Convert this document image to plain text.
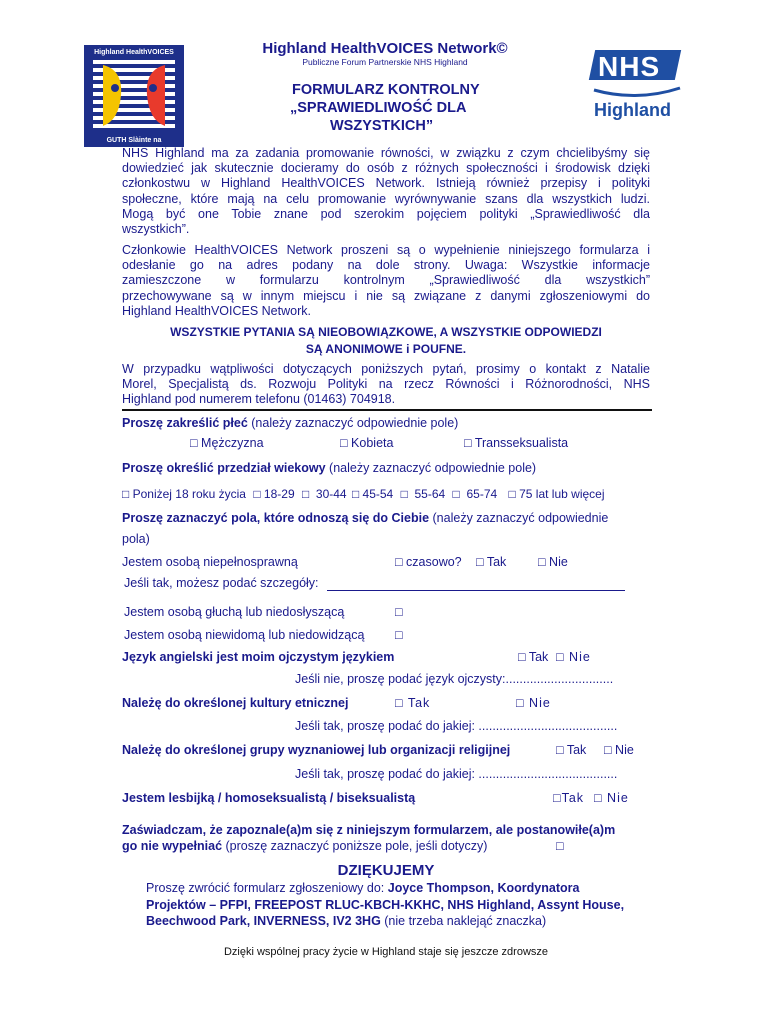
Highland HealthVOICES
GUTH Slàinte na
NHS
Highland
Highland HealthVOICES Network©
Publiczne Forum Partnerskie NHS Highland
FORMULARZ KONTROLNY
„SPRAWIEDLIWOŚĆ DLA
WSZYSTKICH”
NHS Highland ma za zadania promowanie równości, w związku z czym chcielibyśmy się
dowiedzieć jak skutecznie docieramy do osób z różnych społeczności i środowisk dzięki
członkostwu w Highland HealthVOICES Network. Istnieją również przepisy i polityki
społeczne, które mają na celu promowanie wyrównywanie szans dla wszystkich ludzi.
Mogą być one Tobie znane pod szerokim pojęciem polityki „Sprawiedliwość dla
wszystkich”.
Członkowie HealthVOICES Network proszeni są o wypełnienie niniejszego formularza i
odesłanie go na adres podany na dole strony. Uwaga: Wszystkie informacje
zamieszczone w formularzu kontrolnym „Sprawiedliwość dla wszystkich”
przechowywane są w innym miejscu i nie są związane z danymi zgłoszeniowymi do
Highland HealthVOICES Network.
WSZYSTKIE PYTANIA SĄ NIEOBOWIĄZKOWE, A WSZYSTKIE ODPOWIEDZI
SĄ ANONIMOWE i POUFNE.
W przypadku wątpliwości dotyczących poniższych pytań, prosimy o kontakt z Natalie
Morel, Specjalistą ds. Rozwoju Polityki na rzecz Równości i Różnorodności, NHS
Highland pod numerem telefonu (01463) 704918.
Proszę zakreślić płeć (należy zaznaczyć odpowiednie pole)
□ Mężczyzna □	Kobieta □	Transseksualista
Proszę określić przedział wiekowy (należy zaznaczyć odpowiednie pole)
□ Poniżej 18 roku życia □ 18-29 □ 30-44 □ 45-54 □ 55-64 □ 65-74 □ 75 lat lub więcej
Proszę zaznaczyć pola, które odnoszą się do Ciebie (należy zaznaczyć odpowiednie
pola)
Jestem osobą niepełnosprawną □	czasowo? □	Tak □	Nie
Jeśli tak, możesz podać szczegóły:
Jestem osobą głuchą lub niedosłyszącą
□
Jestem osobą niewidomą lub niedowidzącą
□
Język angielski jest moim ojczystym językiem □	Tak □	Nie
Jeśli nie, proszę podać język ojczysty:...............................
Należę do określonej kultury etnicznej □	Tak □	Nie
Jeśli tak, proszę podać do jakiej: ........................................
Należę do określonej grupy wyznaniowej lub organizacji religijnej □	Tak □	Nie
Jeśli tak, proszę podać do jakiej: ........................................
Jestem lesbijką / homoseksualistą / biseksualistą □	Tak □	Nie
Zaświadczam, że zapoznale(a)m się z niniejszym formularzem, ale postanowiłe(a)m
go nie wypełniać (proszę zaznaczyć poniższe pole, jeśli dotyczy)
□
DZIĘKUJEMY
Proszę zwrócić formularz zgłoszeniowy do: Joyce Thompson, Koordynatora
Projektów – PFPI, FREEPOST RLUC-KBCH-KKHC, NHS Highland, Assynt House,
Beechwood Park, INVERNESS, IV2 3HG (nie trzeba naklejąć znaczka)
Dzięki wspólnej pracy życie w Highland staje się jeszcze zdrowsze
